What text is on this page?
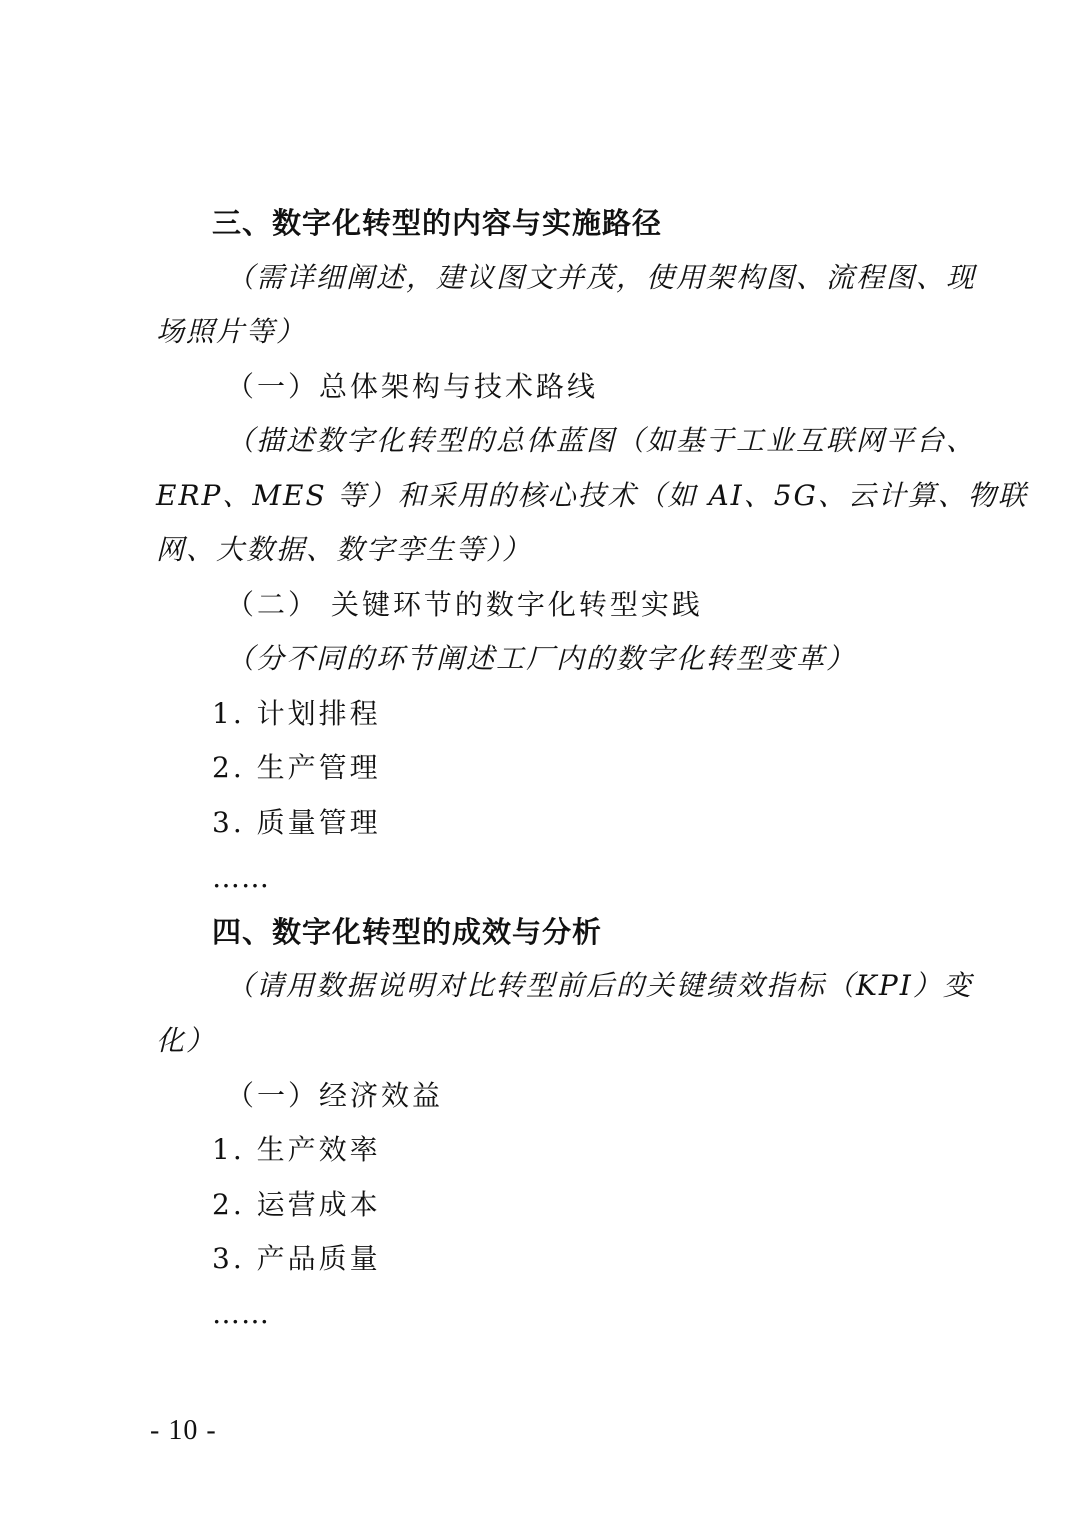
三、数字化转型的内容与实施路径
（需详细阐述，建议图文并茂，使用架构图、流程图、现
场照片等）
（一）总体架构与技术路线
（描述数字化转型的总体蓝图（如基于工业互联网平台、
ERP、MES 等）和采用的核心技术（如 AI、5G、云计算、物联
网、大数据、数字孪生等））
（二） 关键环节的数字化转型实践
（分不同的环节阐述工厂内的数字化转型变革）
1. 计划排程
2. 生产管理
3. 质量管理
……
四、数字化转型的成效与分析
（请用数据说明对比转型前后的关键绩效指标（KPI）变
化）
（一）经济效益
1. 生产效率
2. 运营成本
3. 产品质量
……
- 10 -
